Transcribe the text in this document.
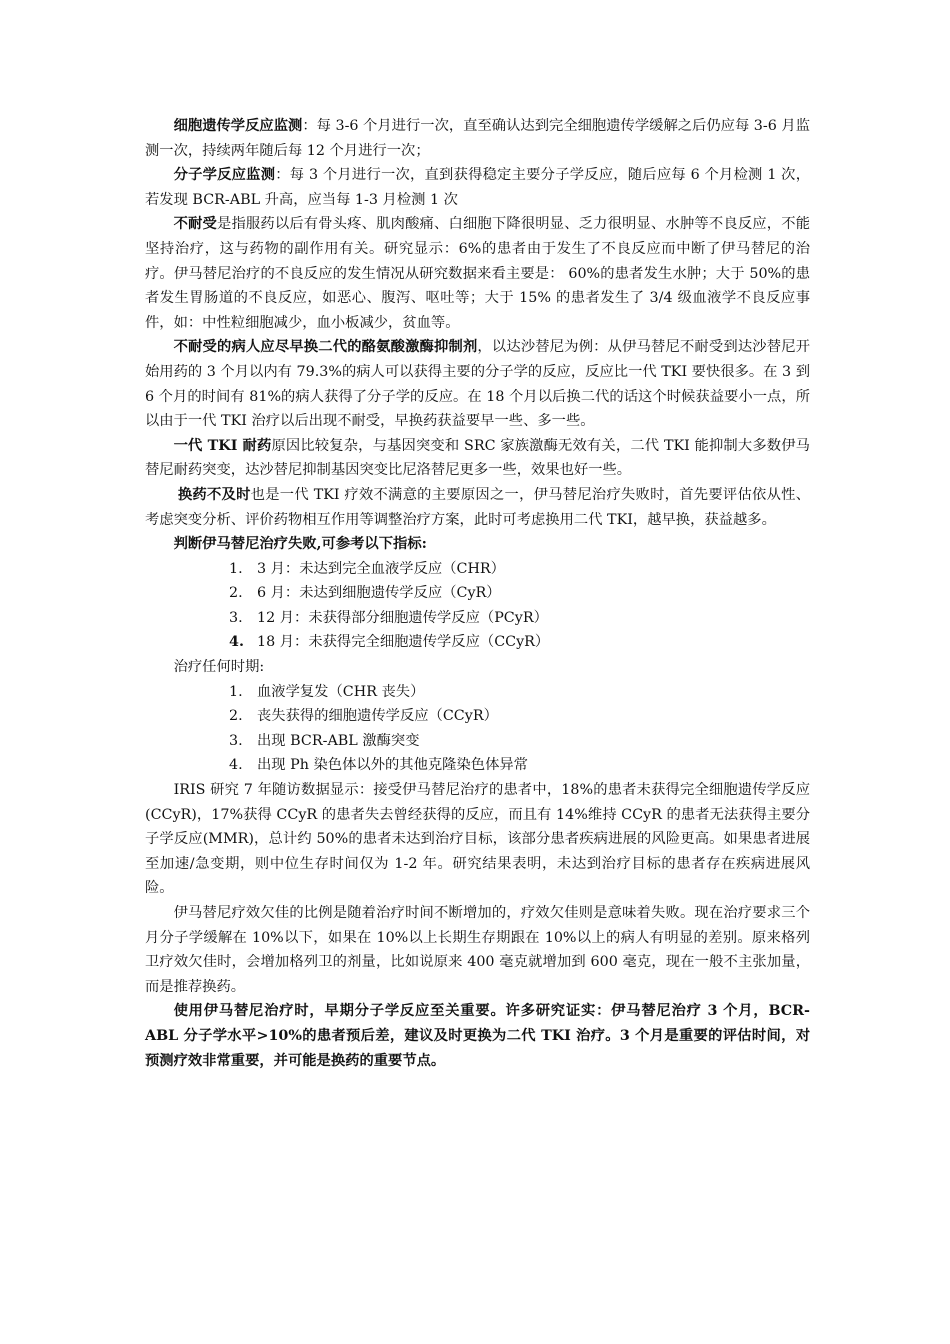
细胞遗传学反应监测：每 3-6 个月进行一次，直至确认达到完全细胞遗传学缓解之后仍应每 3-6 月监测一次，持续两年随后每 12 个月进行一次；

分子学反应监测：每 3 个月进行一次，直到获得稳定主要分子学反应，随后应每 6 个月检测 1 次，若发现 BCR-ABL 升高，应当每 1-3 月检测 1 次

不耐受是指服药以后有骨头疼、肌肉酸痛、白细胞下降很明显、乏力很明显、水肿等不良反应，不能坚持治疗，这与药物的副作用有关。研究显示：6%的患者由于发生了不良反应而中断了伊马替尼的治疗。伊马替尼治疗的不良反应的发生情况从研究数据来看主要是： 60%的患者发生水肿；大于 50%的患者发生胃肠道的不良反应，如恶心、腹泻、呕吐等；大于 15% 的患者发生了 3/4 级血液学不良反应事件，如：中性粒细胞减少，血小板减少，贫血等。

不耐受的病人应尽早换二代的酪氨酸激酶抑制剂，以达沙替尼为例：从伊马替尼不耐受到达沙替尼开始用药的 3 个月以内有 79.3%的病人可以获得主要的分子学的反应，反应比一代 TKI 要快很多。在 3 到 6 个月的时间有 81%的病人获得了分子学的反应。在 18 个月以后换二代的话这个时候获益要小一点，所以由于一代 TKI 治疗以后出现不耐受，早换药获益要早一些、多一些。

一代 TKI 耐药原因比较复杂，与基因突变和 SRC 家族激酶无效有关，二代 TKI 能抑制大多数伊马替尼耐药突变，达沙替尼抑制基因突变比尼洛替尼更多一些，效果也好一些。

换药不及时也是一代 TKI 疗效不满意的主要原因之一，伊马替尼治疗失败时，首先要评估依从性、考虑突变分析、评价药物相互作用等调整治疗方案，此时可考虑换用二代 TKI，越早换，获益越多。

判断伊马替尼治疗失败,可参考以下指标:

1.	3 月：未达到完全血液学反应（CHR）
2.	6 月：未达到细胞遗传学反应（CyR）
3.	12 月：未获得部分细胞遗传学反应（PCyR）
4. 18 月：未获得完全细胞遗传学反应（CCyR）

治疗任何时期:

1.	血液学复发（CHR 丧失）
2.	丧失获得的细胞遗传学反应（CCyR）
3.	出现 BCR-ABL 激酶突变
4.	出现 Ph 染色体以外的其他克隆染色体异常

IRIS 研究 7 年随访数据显示：接受伊马替尼治疗的患者中，18%的患者未获得完全细胞遗传学反应(CCyR)，17%获得 CCyR 的患者失去曾经获得的反应，而且有 14%维持 CCyR 的患者无法获得主要分子学反应(MMR)，总计约 50%的患者未达到治疗目标，该部分患者疾病进展的风险更高。如果患者进展至加速/急变期，则中位生存时间仅为 1-2 年。研究结果表明，未达到治疗目标的患者存在疾病进展风险。

伊马替尼疗效欠佳的比例是随着治疗时间不断增加的，疗效欠佳则是意味着失败。现在治疗要求三个月分子学缓解在 10%以下，如果在 10%以上长期生存期跟在 10%以上的病人有明显的差别。原来格列卫疗效欠佳时，会增加格列卫的剂量，比如说原来 400 毫克就增加到 600 毫克，现在一般不主张加量，而是推荐换药。

使用伊马替尼治疗时，早期分子学反应至关重要。许多研究证实：伊马替尼治疗 3 个月，BCR-ABL 分子学水平>10%的患者预后差，建议及时更换为二代 TKI 治疗。3 个月是重要的评估时间，对预测疗效非常重要，并可能是换药的重要节点。
